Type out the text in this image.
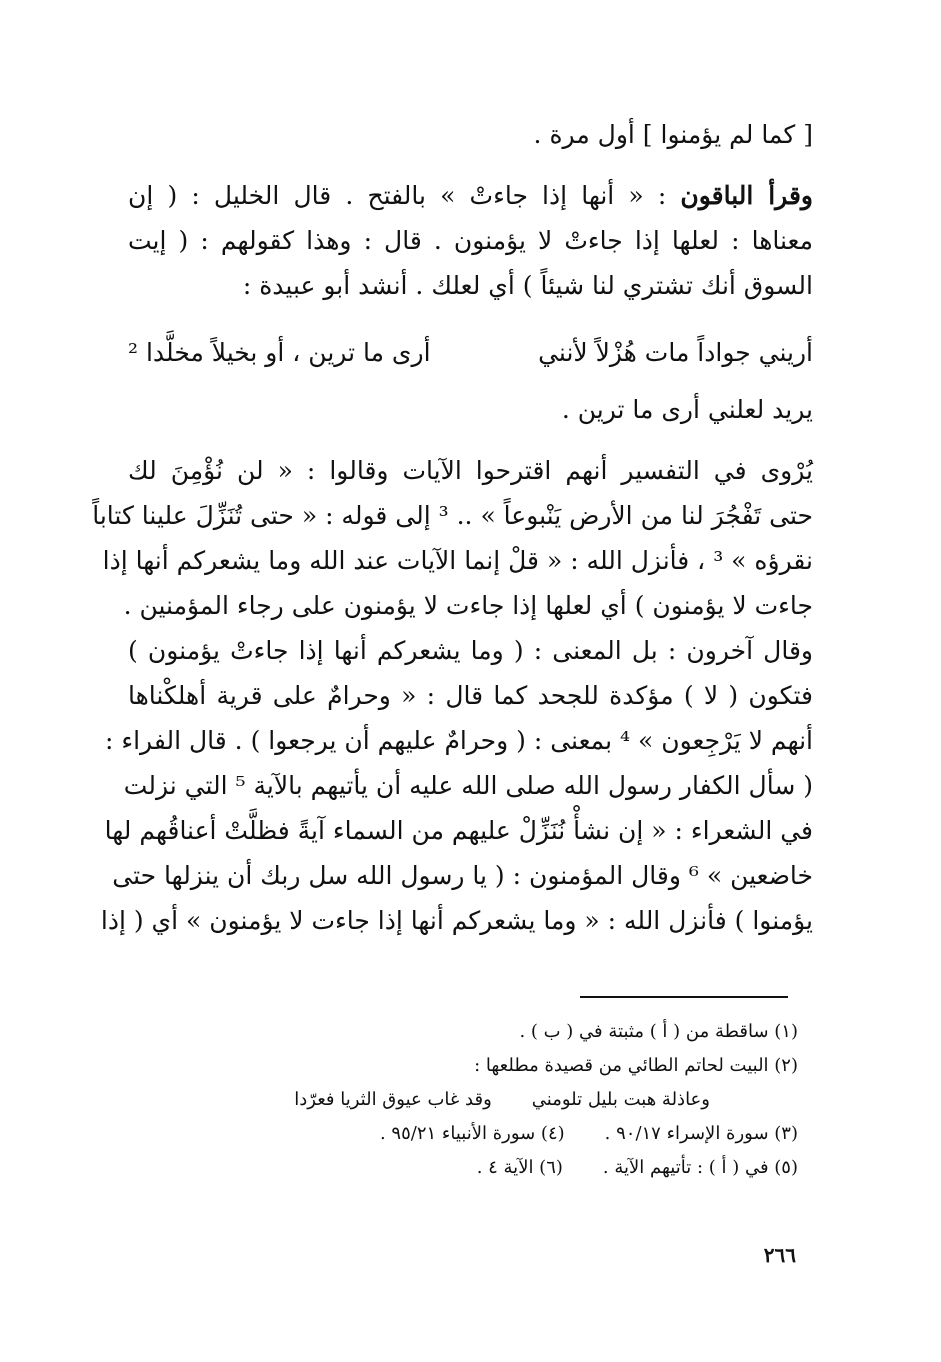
[ كما لم يؤمنوا ] أول مرة .
وقرأ الباقون : « أنها إذا جاءتْ » بالفتح . قال الخليل : ( إن
معناها : لعلها إذا جاءتْ لا يؤمنون . قال : وهذا كقولهم : ( إيت
السوق أنك تشتري لنا شيئاً ) أي لعلك . أنشد أبو عبيدة :
أريني جواداً مات هُزْلاً لأنني
أرى ما ترين ، أو بخيلاً مخلَّدا ²
يريد لعلني أرى ما ترين .
يُرْوى في التفسير أنهم اقترحوا الآيات وقالوا : « لن نُؤْمِنَ لك
حتى تَفْجُرَ لنا من الأرض يَنْبوعاً » .. ³ إلى قوله : « حتى تُنَزِّلَ علينا كتاباً
نقرؤه » ³ ، فأنزل الله : « قلْ إنما الآيات عند الله وما يشعركم أنها إذا
جاءت لا يؤمنون ) أي لعلها إذا جاءت لا يؤمنون على رجاء المؤمنين .
وقال آخرون : بل المعنى : ( وما يشعركم أنها إذا جاءتْ يؤمنون )
فتكون ( لا ) مؤكدة للجحد كما قال : « وحرامٌ على قرية أهلكْناها
أنهم لا يَرْجِعون » ⁴ بمعنى : ( وحرامٌ عليهم أن يرجعوا ) . قال الفراء :
( سأل الكفار رسول الله صلى الله عليه أن يأتيهم بالآية ⁵ التي نزلت
في الشعراء : « إن نشأْ نُنَزِّلْ عليهم من السماء آيةً فظلَّتْ أعناقُهم لها
خاضعين » ⁶ وقال المؤمنون : ( يا رسول الله سل ربك أن ينزلها حتى
يؤمنوا ) فأنزل الله : « وما يشعركم أنها إذا جاءت لا يؤمنون » أي ( إذا
(١) ساقطة من ( أ ) مثبتة في ( ب ) .
(٢) البيت لحاتم الطائي من قصيدة مطلعها :
وعاذلة هبت بليل تلومني
وقد غاب عيوق الثريا فعرّدا
(٣) سورة الإسراء ٩٠/١٧ .(٤) سورة الأنبياء ٩٥/٢١ .
(٥) في ( أ ) : تأتيهم الآية .(٦) الآية ٤ .
٢٦٦
